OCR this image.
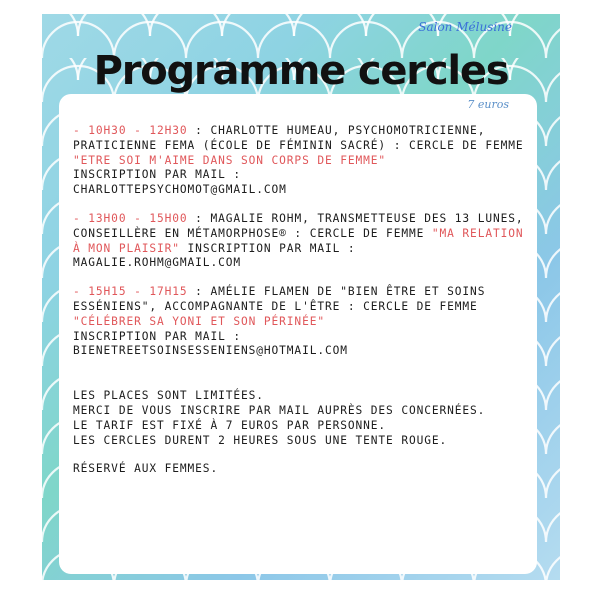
Salon Mélusine
Programme cercles
7 euros
- 10H30 - 12H30 : CHARLOTTE HUMEAU, PSYCHOMOTRICIENNE, PRATICIENNE FEMA (ÉCOLE DE FÉMININ SACRÉ) : CERCLE DE FEMME "ETRE SOI M'AIME DANS SON CORPS DE FEMME"
INSCRIPTION PAR MAIL :
CHARLOTTEPSYCHOMOT@GMAIL.COM
- 13H00 - 15H00 : MAGALIE ROHM, TRANSMETTEUSE DES 13 LUNES, CONSEILLÈRE EN MÉTAMORPHOSE® : CERCLE DE FEMME "MA RELATION À MON PLAISIR" INSCRIPTION PAR MAIL : MAGALIE.ROHM@GMAIL.COM
- 15H15 - 17H15 : AMÉLIE FLAMEN DE "BIEN ÊTRE ET SOINS ESSÉNIENS", ACCOMPAGNANTE DE L'ÊTRE : CERCLE DE FEMME "CÉLÉBRER SA YONI ET SON PÉRINÉE"
INSCRIPTION PAR MAIL :
BIENETREETSOINSESSENIENS@HOTMAIL.COM
LES PLACES SONT LIMITÉES.
MERCI DE VOUS INSCRIRE PAR MAIL AUPRÈS DES CONCERNÉES.
LE TARIF EST FIXÉ À 7 EUROS PAR PERSONNE.
LES CERCLES DURENT 2 HEURES SOUS UNE TENTE ROUGE.
RÉSERVÉ AUX FEMMES.
